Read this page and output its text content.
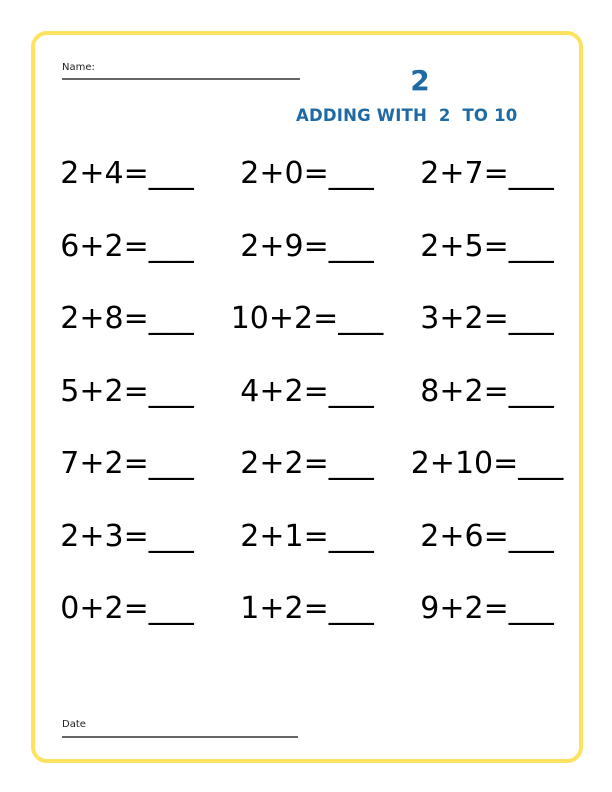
Name:	2
ADDING WITH  2  TO 10
2+4=___	2+0=___	2+7=___
6+2=___	2+9=___	2+5=___
2+8=___	10+2=___	3+2=___
5+2=___	4+2=___	8+2=___
7+2=___	2+2=___	2+10=___
2+3=___	2+1=___	2+6=___
0+2=___	1+2=___	9+2=___
Date
